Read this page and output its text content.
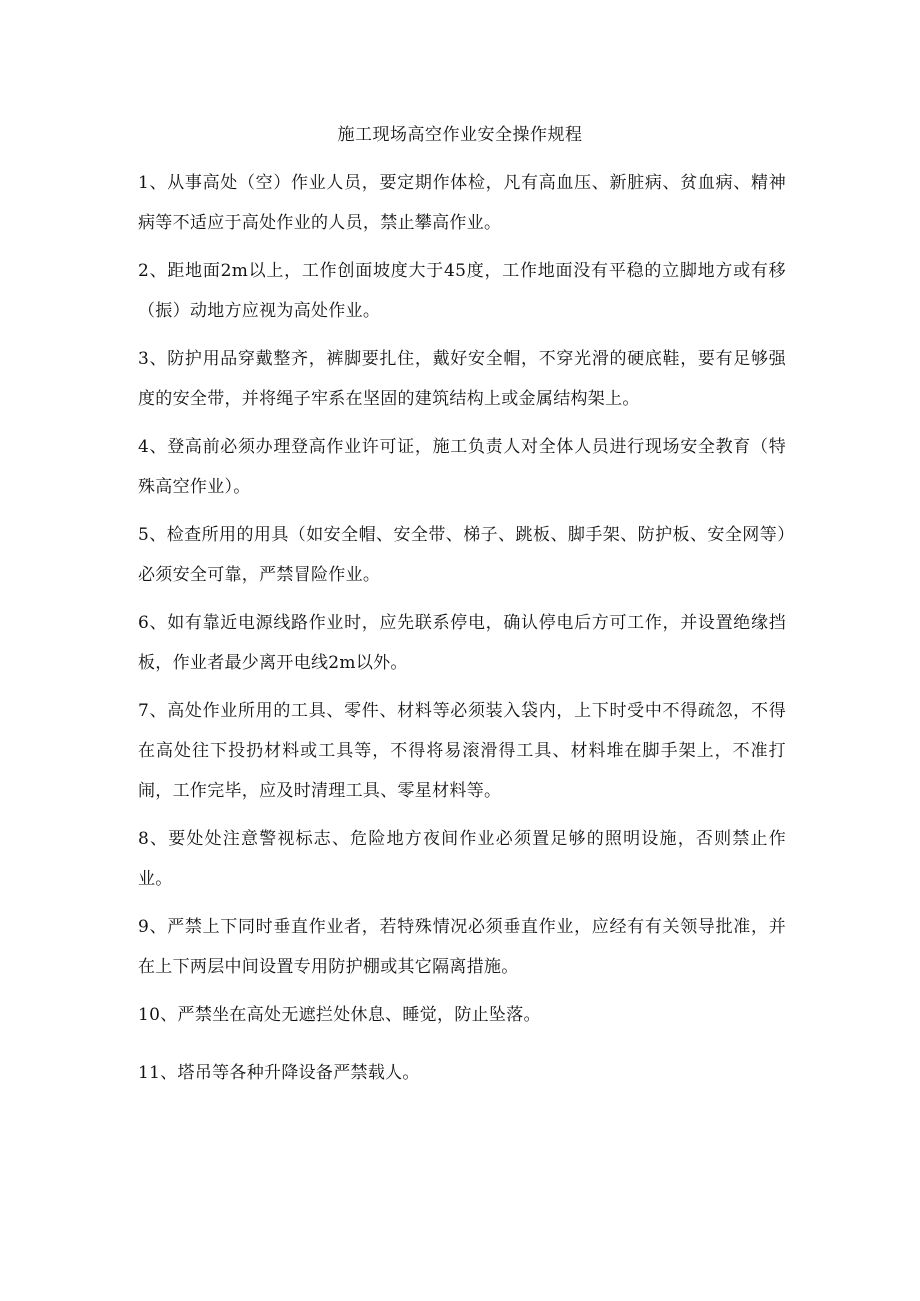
施工现场高空作业安全操作规程

1、从事高处（空）作业人员，要定期作体检，凡有高血压、新脏病、贫血病、精神病等不适应于高处作业的人员，禁止攀高作业。

2、距地面2m以上，工作创面坡度大于45度，工作地面没有平稳的立脚地方或有移（振）动地方应视为高处作业。

3、防护用品穿戴整齐，裤脚要扎住，戴好安全帽，不穿光滑的硬底鞋，要有足够强度的安全带，并将绳子牢系在坚固的建筑结构上或金属结构架上。

4、登高前必须办理登高作业许可证，施工负责人对全体人员进行现场安全教育（特殊高空作业）。

5、检查所用的用具（如安全帽、安全带、梯子、跳板、脚手架、防护板、安全网等）必须安全可靠，严禁冒险作业。

6、如有靠近电源线路作业时，应先联系停电，确认停电后方可工作，并设置绝缘挡板，作业者最少离开电线2m以外。

7、高处作业所用的工具、零件、材料等必须装入袋内，上下时受中不得疏忽，不得在高处往下投扔材料或工具等，不得将易滚滑得工具、材料堆在脚手架上，不准打闹，工作完毕，应及时清理工具、零星材料等。

8、要处处注意警视标志、危险地方夜间作业必须置足够的照明设施，否则禁止作业。

9、严禁上下同时垂直作业者，若特殊情况必须垂直作业，应经有有关领导批准，并在上下两层中间设置专用防护棚或其它隔离措施。

10、严禁坐在高处无遮拦处休息、睡觉，防止坠落。

11、塔吊等各种升降设备严禁载人。
